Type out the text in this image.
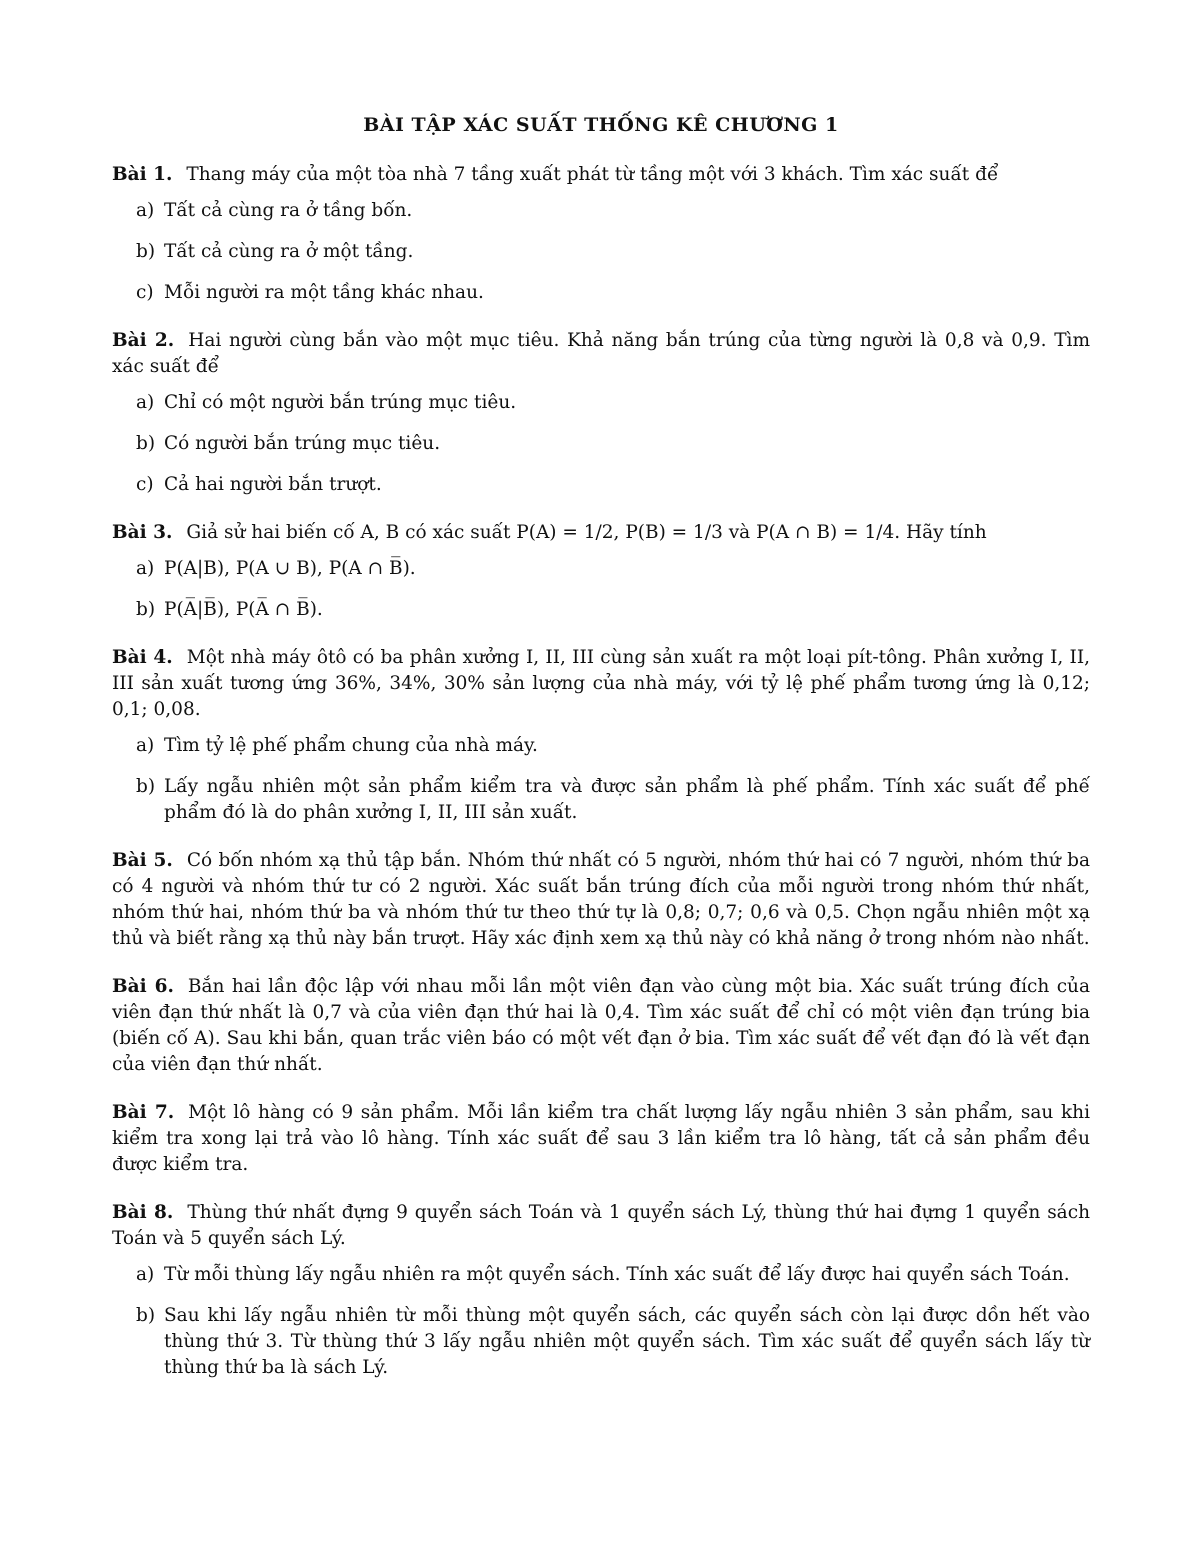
BÀI TẬP XÁC SUẤT THỐNG KÊ CHƯƠNG 1

Bài 1. Thang máy của một tòa nhà 7 tầng xuất phát từ tầng một với 3 khách. Tìm xác suất để

a) Tất cả cùng ra ở tầng bốn.
b) Tất cả cùng ra ở một tầng.
c) Mỗi người ra một tầng khác nhau.

Bài 2. Hai người cùng bắn vào một mục tiêu. Khả năng bắn trúng của từng người là 0,8 và 0,9. Tìm xác suất để

a) Chỉ có một người bắn trúng mục tiêu.
b) Có người bắn trúng mục tiêu.
c) Cả hai người bắn trượt.

Bài 3. Giả sử hai biến cố A, B có xác suất P(A) = 1/2, P(B) = 1/3 và P(A ∩ B) = 1/4. Hãy tính

a) P(A|B), P(A ∪ B), P(A ∩ B̅).
b) P(A̅|B̅), P(A̅ ∩ B̅).

Bài 4. Một nhà máy ôtô có ba phân xưởng I, II, III cùng sản xuất ra một loại pít-tông. Phân xưởng I, II, III sản xuất tương ứng 36%, 34%, 30% sản lượng của nhà máy, với tỷ lệ phế phẩm tương ứng là 0,12; 0,1; 0,08.

a) Tìm tỷ lệ phế phẩm chung của nhà máy.
b) Lấy ngẫu nhiên một sản phẩm kiểm tra và được sản phẩm là phế phẩm. Tính xác suất để phế phẩm đó là do phân xưởng I, II, III sản xuất.

Bài 5. Có bốn nhóm xạ thủ tập bắn. Nhóm thứ nhất có 5 người, nhóm thứ hai có 7 người, nhóm thứ ba có 4 người và nhóm thứ tư có 2 người. Xác suất bắn trúng đích của mỗi người trong nhóm thứ nhất, nhóm thứ hai, nhóm thứ ba và nhóm thứ tư theo thứ tự là 0,8; 0,7; 0,6 và 0,5. Chọn ngẫu nhiên một xạ thủ và biết rằng xạ thủ này bắn trượt. Hãy xác định xem xạ thủ này có khả năng ở trong nhóm nào nhất.

Bài 6. Bắn hai lần độc lập với nhau mỗi lần một viên đạn vào cùng một bia. Xác suất trúng đích của viên đạn thứ nhất là 0,7 và của viên đạn thứ hai là 0,4. Tìm xác suất để chỉ có một viên đạn trúng bia (biến cố A). Sau khi bắn, quan trắc viên báo có một vết đạn ở bia. Tìm xác suất để vết đạn đó là vết đạn của viên đạn thứ nhất.

Bài 7. Một lô hàng có 9 sản phẩm. Mỗi lần kiểm tra chất lượng lấy ngẫu nhiên 3 sản phẩm, sau khi kiểm tra xong lại trả vào lô hàng. Tính xác suất để sau 3 lần kiểm tra lô hàng, tất cả sản phẩm đều được kiểm tra.

Bài 8. Thùng thứ nhất đựng 9 quyển sách Toán và 1 quyển sách Lý, thùng thứ hai đựng 1 quyển sách Toán và 5 quyển sách Lý.

a) Từ mỗi thùng lấy ngẫu nhiên ra một quyển sách. Tính xác suất để lấy được hai quyển sách Toán.
b) Sau khi lấy ngẫu nhiên từ mỗi thùng một quyển sách, các quyển sách còn lại được dồn hết vào thùng thứ 3. Từ thùng thứ 3 lấy ngẫu nhiên một quyển sách. Tìm xác suất để quyển sách lấy từ thùng thứ ba là sách Lý.
